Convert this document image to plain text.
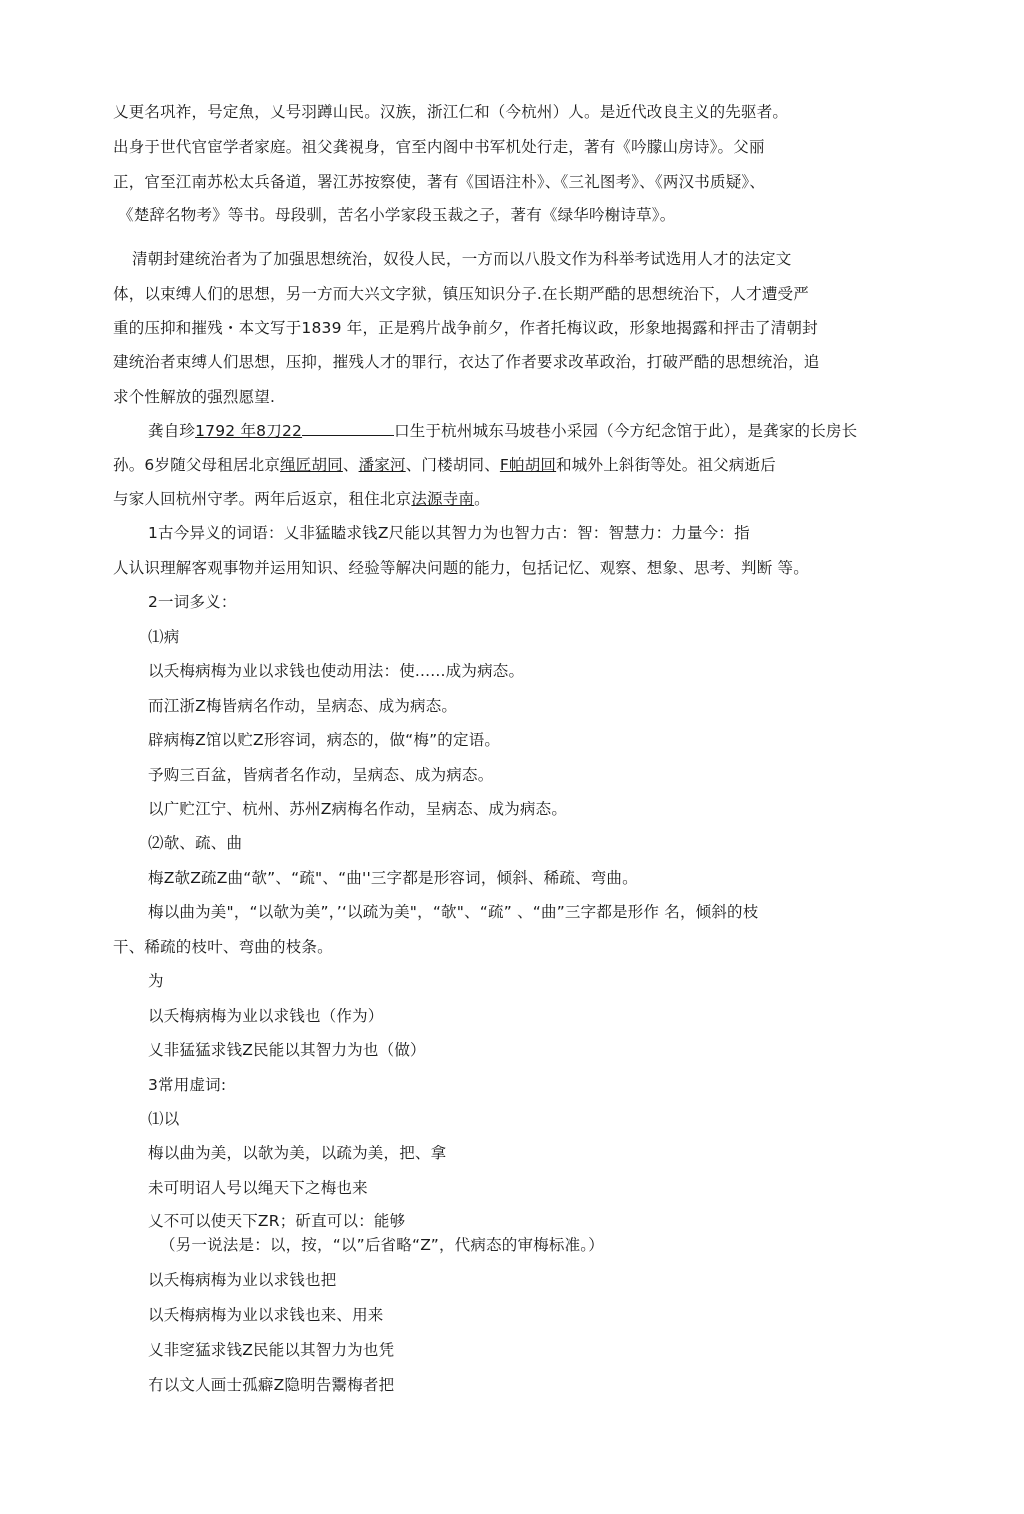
乂更名巩祚，号定魚，乂号羽蹲山民。汉族，浙江仁和（今杭州）人。是近代改良主义的先驱者。
出身于世代官宦学者家庭。祖父龚視身，官至内阁中书军机处行走，著有《吟朦山房诗》。父丽
正，官至江南苏松太兵备道，署江苏按察使，著有《国语注朴》、《三礼图考》、《两汉书质疑》、
《楚辞名物考》等书。母段驯，苦名小学家段玉裁之子，著有《绿华吟榭诗草》。
清朝封建统治者为了加强思想统治，奴役人民，一方而以八股文作为科举考试选用人才的法定文
体，以束缚人们的思想，另一方而大兴文字狱，镇压知识分子.在长期严酷的思想统治下，人才遭受严
重的压抑和摧残・本文写于1839 年，正是鸦片战争前夕，作者托梅议政，形象地揭露和抨击了清朝封
建统治者束缚人们思想，压抑，摧残人才的罪行，衣达了作者要求改革政治，打破严酷的思想统治，追
求个性解放的强烈愿望.
龚自珍1792 年8刀22	口生于杭州城东马坡巷小采园（今方纪念馆于此），是龚家的长房长
孙。6岁随父母租居北京绳匠胡同、潘家河、门楼胡同、F帕胡回和城外上斜街等处。祖父病逝后
与家人回杭州守孝。两年后返京，租住北京法源寺南。
1古今异义的词语：乂非猛瞌求钱Z尺能以其智力为也智力古：智：智慧力：力量今：指
人认识理解客观事物并运用知识、经验等解决问题的能力，包括记忆、观察、想象、思考、判断 等。
2一词多义：
⑴病
以夭梅病梅为业以求钱也使动用法：使......成为病态。
而江浙Z梅皆病名作动，呈病态、成为病态。
辟病梅Z馆以贮Z形容词，病态的，做“梅”的定语。
予购三百盆，皆病者名作动，呈病态、成为病态。
以广贮江宁、杭州、苏州Z病梅名作动，呈病态、成为病态。
⑵欹、疏、曲
梅Z欹Z疏Z曲“欹”、“疏"、“曲''三字都是形容词，倾斜、稀疏、弯曲。
梅以曲为美"，“以欹为美”，’‘以疏为美"，“欹"、“疏” 、“曲”三字都是形作 名，倾斜的枝
干、稀疏的枝叶、弯曲的枝条。
为
以夭梅病梅为业以求钱也（作为）
乂非猛猛求钱Z民能以其智力为也（做）
3常用虚词:
⑴以
梅以曲为美，以欹为美，以疏为美，把、拿
未可明诏人号以绳天下之梅也来
乂不可以使天下ZR；斫直可以：能够
（另一说法是：以，按，“以”后省略“Z”，代病态的审梅标准。）
以夭梅病梅为业以求钱也把
以夭梅病梅为业以求钱也来、用来
乂非窆猛求钱Z民能以其智力为也凭
冇以文人画士孤癖Z隐明告鬻梅者把
